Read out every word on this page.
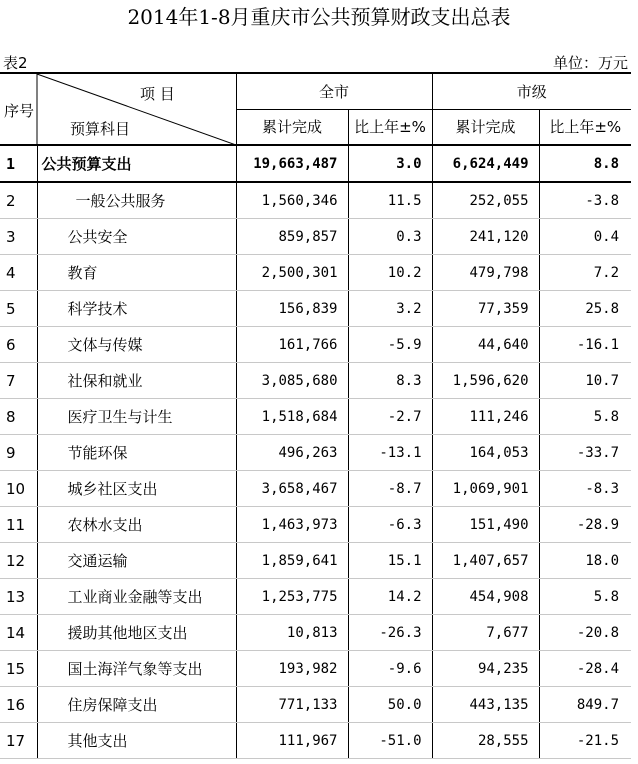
2014年1-8月重庆市公共预算财政支出总表
表2	单位：万元
序号
项 目
预算科目		全市		市级	
		累计完成	比上年±%	累计完成	比上年±%
1	公共预算支出	19,663,487	3.0	6,624,449	8.8
2	一般公共服务	1,560,346	11.5	252,055	-3.8
3	公共安全	859,857	0.3	241,120	0.4
4	教育	2,500,301	10.2	479,798	7.2
5	科学技术	156,839	3.2	77,359	25.8
6	文体与传媒	161,766	-5.9	44,640	-16.1
7	社保和就业	3,085,680	8.3	1,596,620	10.7
8	医疗卫生与计生	1,518,684	-2.7	111,246	5.8
9	节能环保	496,263	-13.1	164,053	-33.7
10	城乡社区支出	3,658,467	-8.7	1,069,901	-8.3
11	农林水支出	1,463,973	-6.3	151,490	-28.9
12	交通运输	1,859,641	15.1	1,407,657	18.0
13	工业商业金融等支出	1,253,775	14.2	454,908	5.8
14	援助其他地区支出	10,813	-26.3	7,677	-20.8
15	国土海洋气象等支出	193,982	-9.6	94,235	-28.4
16	住房保障支出	771,133	50.0	443,135	849.7
17	其他支出	111,967	-51.0	28,555	-21.5
